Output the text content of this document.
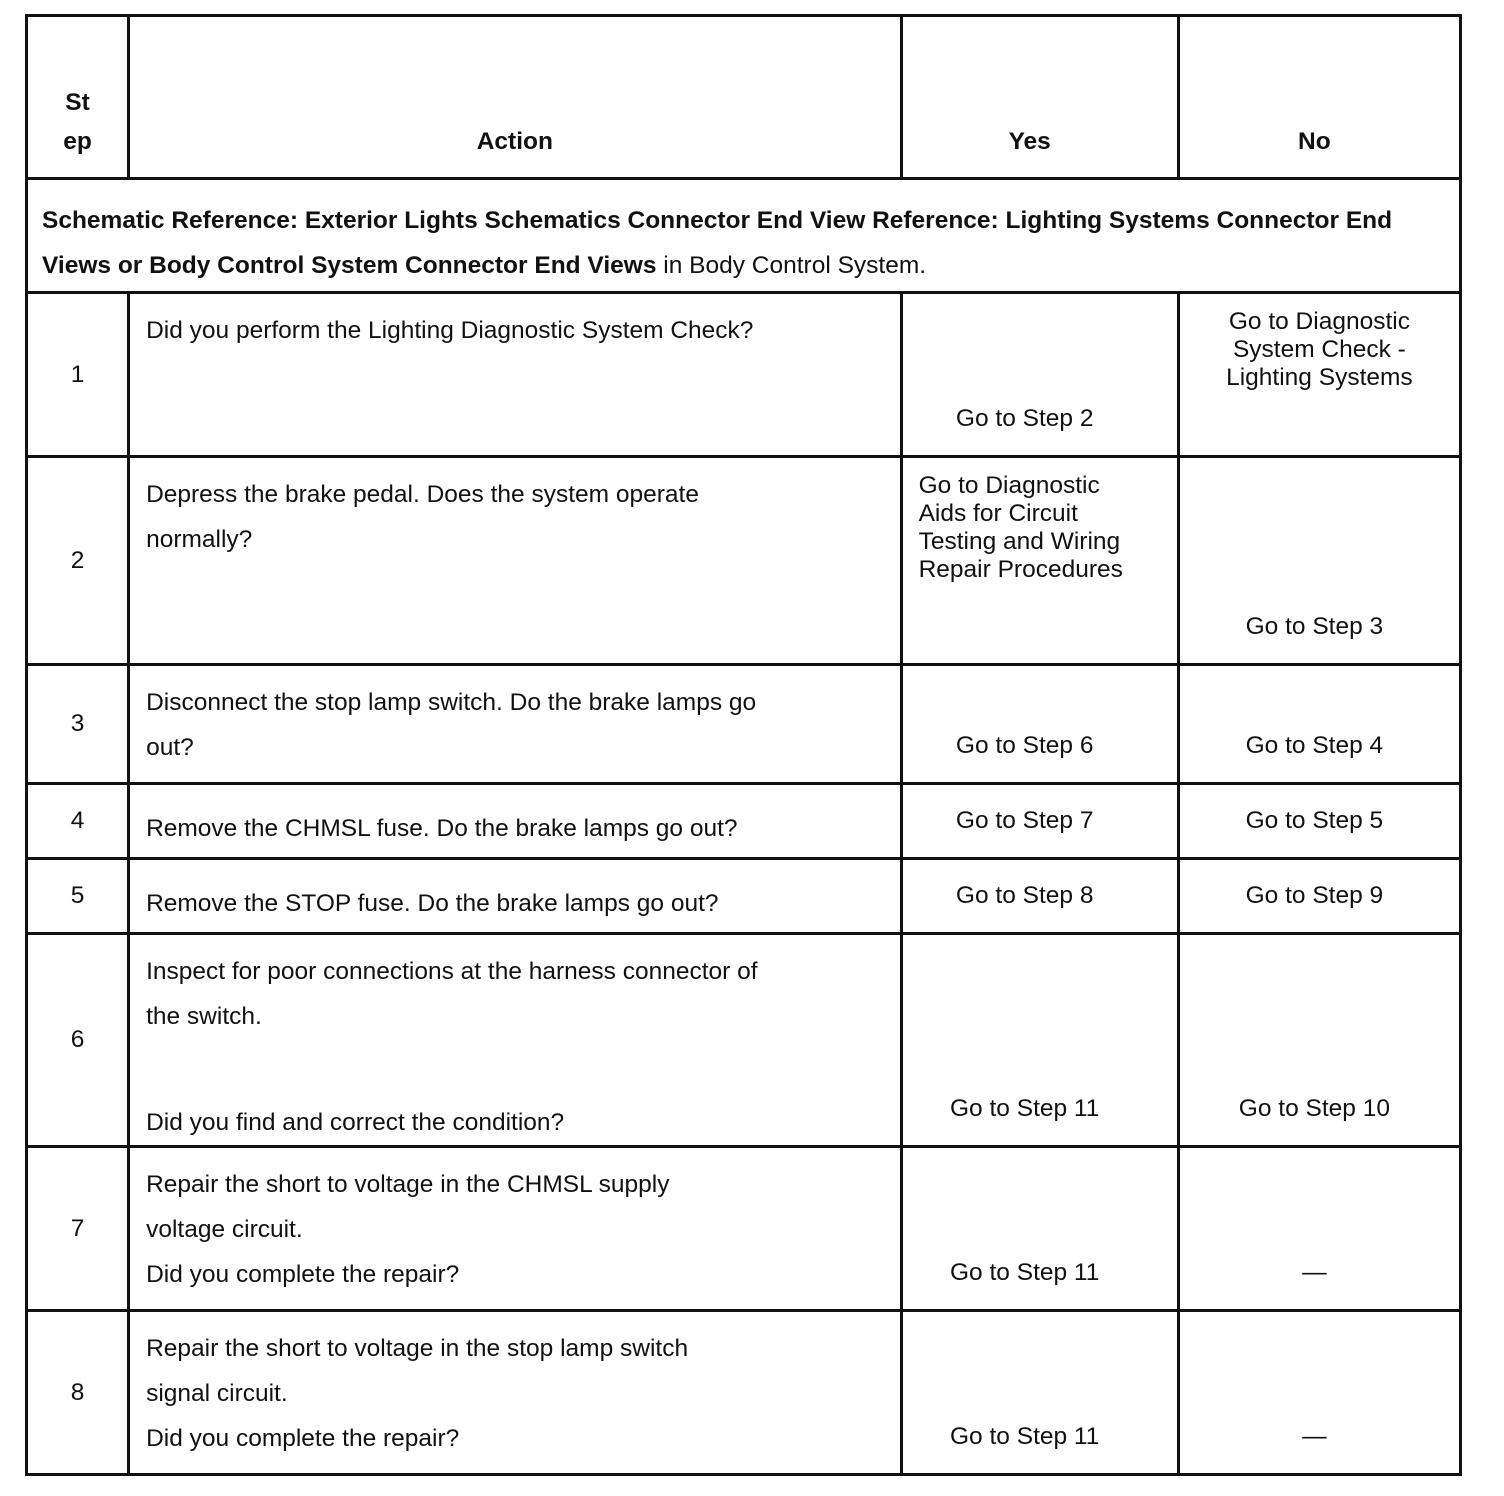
St
ep	Action	Yes	No
Schematic Reference: Exterior Lights Schematics Connector End View Reference: Lighting Systems Connector End Views or Body Control System Connector End Views in Body Control System.			
1	Did you perform the Lighting Diagnostic System Check?	Go to Step 2	Go to Diagnostic
System Check -
Lighting Systems

2	Depress the brake pedal. Does the system operate
normally?	Go to Diagnostic
Aids for Circuit
Testing and Wiring
Repair Procedures	Go to Step 3

3	Disconnect the stop lamp switch. Do the brake lamps go
out?	Go to Step 6	Go to Step 4

4	Remove the CHMSL fuse. Do the brake lamps go out?	Go to Step 7	Go to Step 5

5	Remove the STOP fuse. Do the brake lamps go out?	Go to Step 8	Go to Step 9

6	Inspect for poor connections at the harness connector of
the switch.
Did you find and correct the condition?	Go to Step 11	Go to Step 10

7	Repair the short to voltage in the CHMSL supply
voltage circuit.
Did you complete the repair?	Go to Step 11	—

8	Repair the short to voltage in the stop lamp switch
signal circuit.
Did you complete the repair?	Go to Step 11	—
